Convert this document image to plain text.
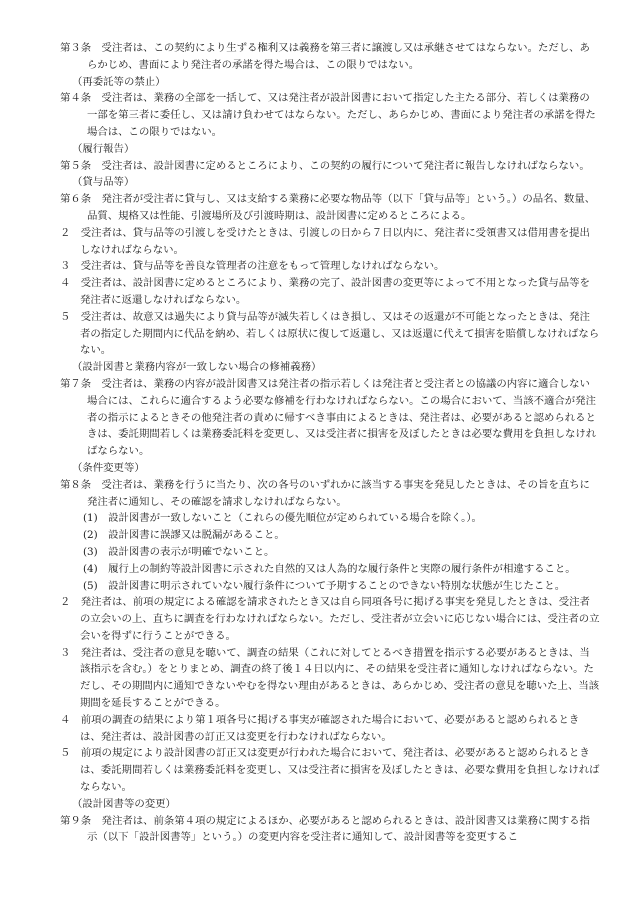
第３条　受注者は、この契約により生ずる権利又は義務を第三者に譲渡し又は承継させてはならない。ただし、あらかじめ、書面により発注者の承諾を得た場合は、この限りではない。

（再委託等の禁止）

第４条　受注者は、業務の全部を一括して、又は発注者が設計図書において指定した主たる部分、若しくは業務の一部を第三者に委任し、又は請け負わせてはならない。ただし、あらかじめ、書面により発注者の承諾を得た場合は、この限りではない。

（履行報告）

第５条　受注者は、設計図書に定めるところにより、この契約の履行について発注者に報告しなければならない。

（貸与品等）

第６条　発注者が受注者に貸与し、又は支給する業務に必要な物品等（以下「貸与品等」という。）の品名、数量、品質、規格又は性能、引渡場所及び引渡時期は、設計図書に定めるところによる。

２　受注者は、貸与品等の引渡しを受けたときは、引渡しの日から７日以内に、発注者に受領書又は借用書を提出しなければならない。

３　受注者は、貸与品等を善良な管理者の注意をもって管理しなければならない。

４　受注者は、設計図書に定めるところにより、業務の完了、設計図書の変更等によって不用となった貸与品等を発注者に返還しなければならない。

５　受注者は、故意又は過失により貸与品等が滅失若しくはき損し、又はその返還が不可能となったときは、発注者の指定した期間内に代品を納め、若しくは原状に復して返還し、又は返還に代えて損害を賠償しなければならない。

（設計図書と業務内容が一致しない場合の修補義務）

第７条　受注者は、業務の内容が設計図書又は発注者の指示若しくは発注者と受注者との協議の内容に適合しない場合には、これらに適合するよう必要な修補を行わなければならない。この場合において、当該不適合が発注者の指示によるときその他発注者の責めに帰すべき事由によるときは、発注者は、必要があると認められるときは、委託期間若しくは業務委託料を変更し、又は受注者に損害を及ぼしたときは必要な費用を負担しなければならない。

（条件変更等）

第８条　受注者は、業務を行うに当たり、次の各号のいずれかに該当する事実を発見したときは、その旨を直ちに発注者に通知し、その確認を請求しなければならない。

(1)　設計図書が一致しないこと（これらの優先順位が定められている場合を除く。）。

(2)　設計図書に誤謬又は脱漏があること。

(3)　設計図書の表示が明確でないこと。

(4)　履行上の制約等設計図書に示された自然的又は人為的な履行条件と実際の履行条件が相違すること。

(5)　設計図書に明示されていない履行条件について予期することのできない特別な状態が生じたこと。

２　発注者は、前項の規定による確認を請求されたとき又は自ら同項各号に掲げる事実を発見したときは、受注者の立会いの上、直ちに調査を行わなければならない。ただし、受注者が立会いに応じない場合には、受注者の立会いを得ずに行うことができる。

３　発注者は、受注者の意見を聴いて、調査の結果（これに対してとるべき措置を指示する必要があるときは、当該指示を含む。）をとりまとめ、調査の終了後１４日以内に、その結果を受注者に通知しなければならない。ただし、その期間内に通知できないやむを得ない理由があるときは、あらかじめ、受注者の意見を聴いた上、当該期間を延長することができる。

４　前項の調査の結果により第１項各号に掲げる事実が確認された場合において、必要があると認められるときは、発注者は、設計図書の訂正又は変更を行わなければならない。

５　前項の規定により設計図書の訂正又は変更が行われた場合において、発注者は、必要があると認められるときは、委託期間若しくは業務委託料を変更し、又は受注者に損害を及ぼしたときは、必要な費用を負担しなければならない。

（設計図書等の変更）

第９条　発注者は、前条第４項の規定によるほか、必要があると認められるときは、設計図書又は業務に関する指示（以下「設計図書等」という。）の変更内容を受注者に通知して、設計図書等を変更するこ
